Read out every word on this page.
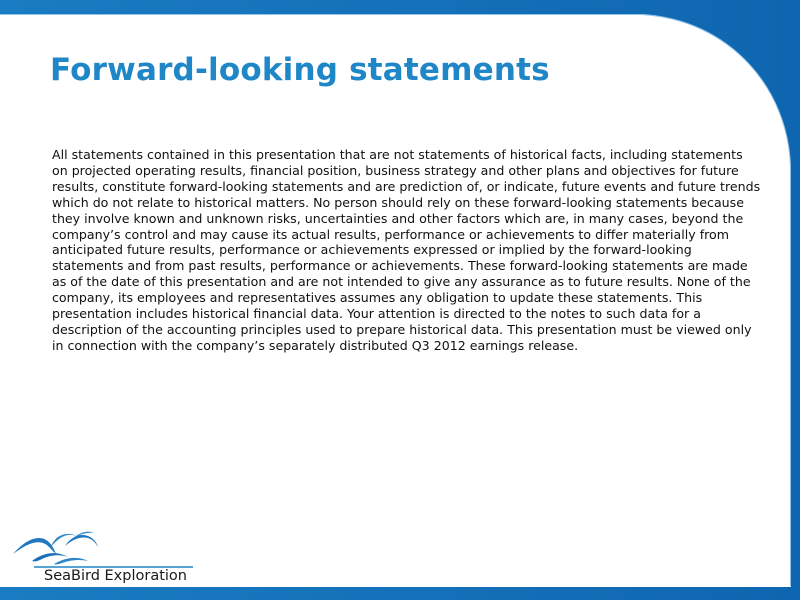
Forward-looking statements

All statements contained in this presentation that are not statements of historical facts, including statements on projected operating results, financial position, business strategy and other plans and objectives for future results, constitute forward-looking statements and are prediction of, or indicate, future events and future trends which do not relate to historical matters. No person should rely on these forward-looking statements because they involve known and unknown risks, uncertainties and other factors which are, in many cases, beyond the company’s control and may cause its actual results, performance or achievements to differ materially from anticipated future results, performance or achievements expressed or implied by the forward-looking statements and from past results, performance or achievements. These forward-looking statements are made as of the date of this presentation and are not intended to give any assurance as to future results. None of the company, its employees and representatives assumes any obligation to update these statements. This presentation includes historical financial data. Your attention is directed to the notes to such data for a description of the accounting principles used to prepare historical data. This presentation must be viewed only in connection with the company’s separately distributed Q3 2012 earnings release.

SeaBird Exploration
